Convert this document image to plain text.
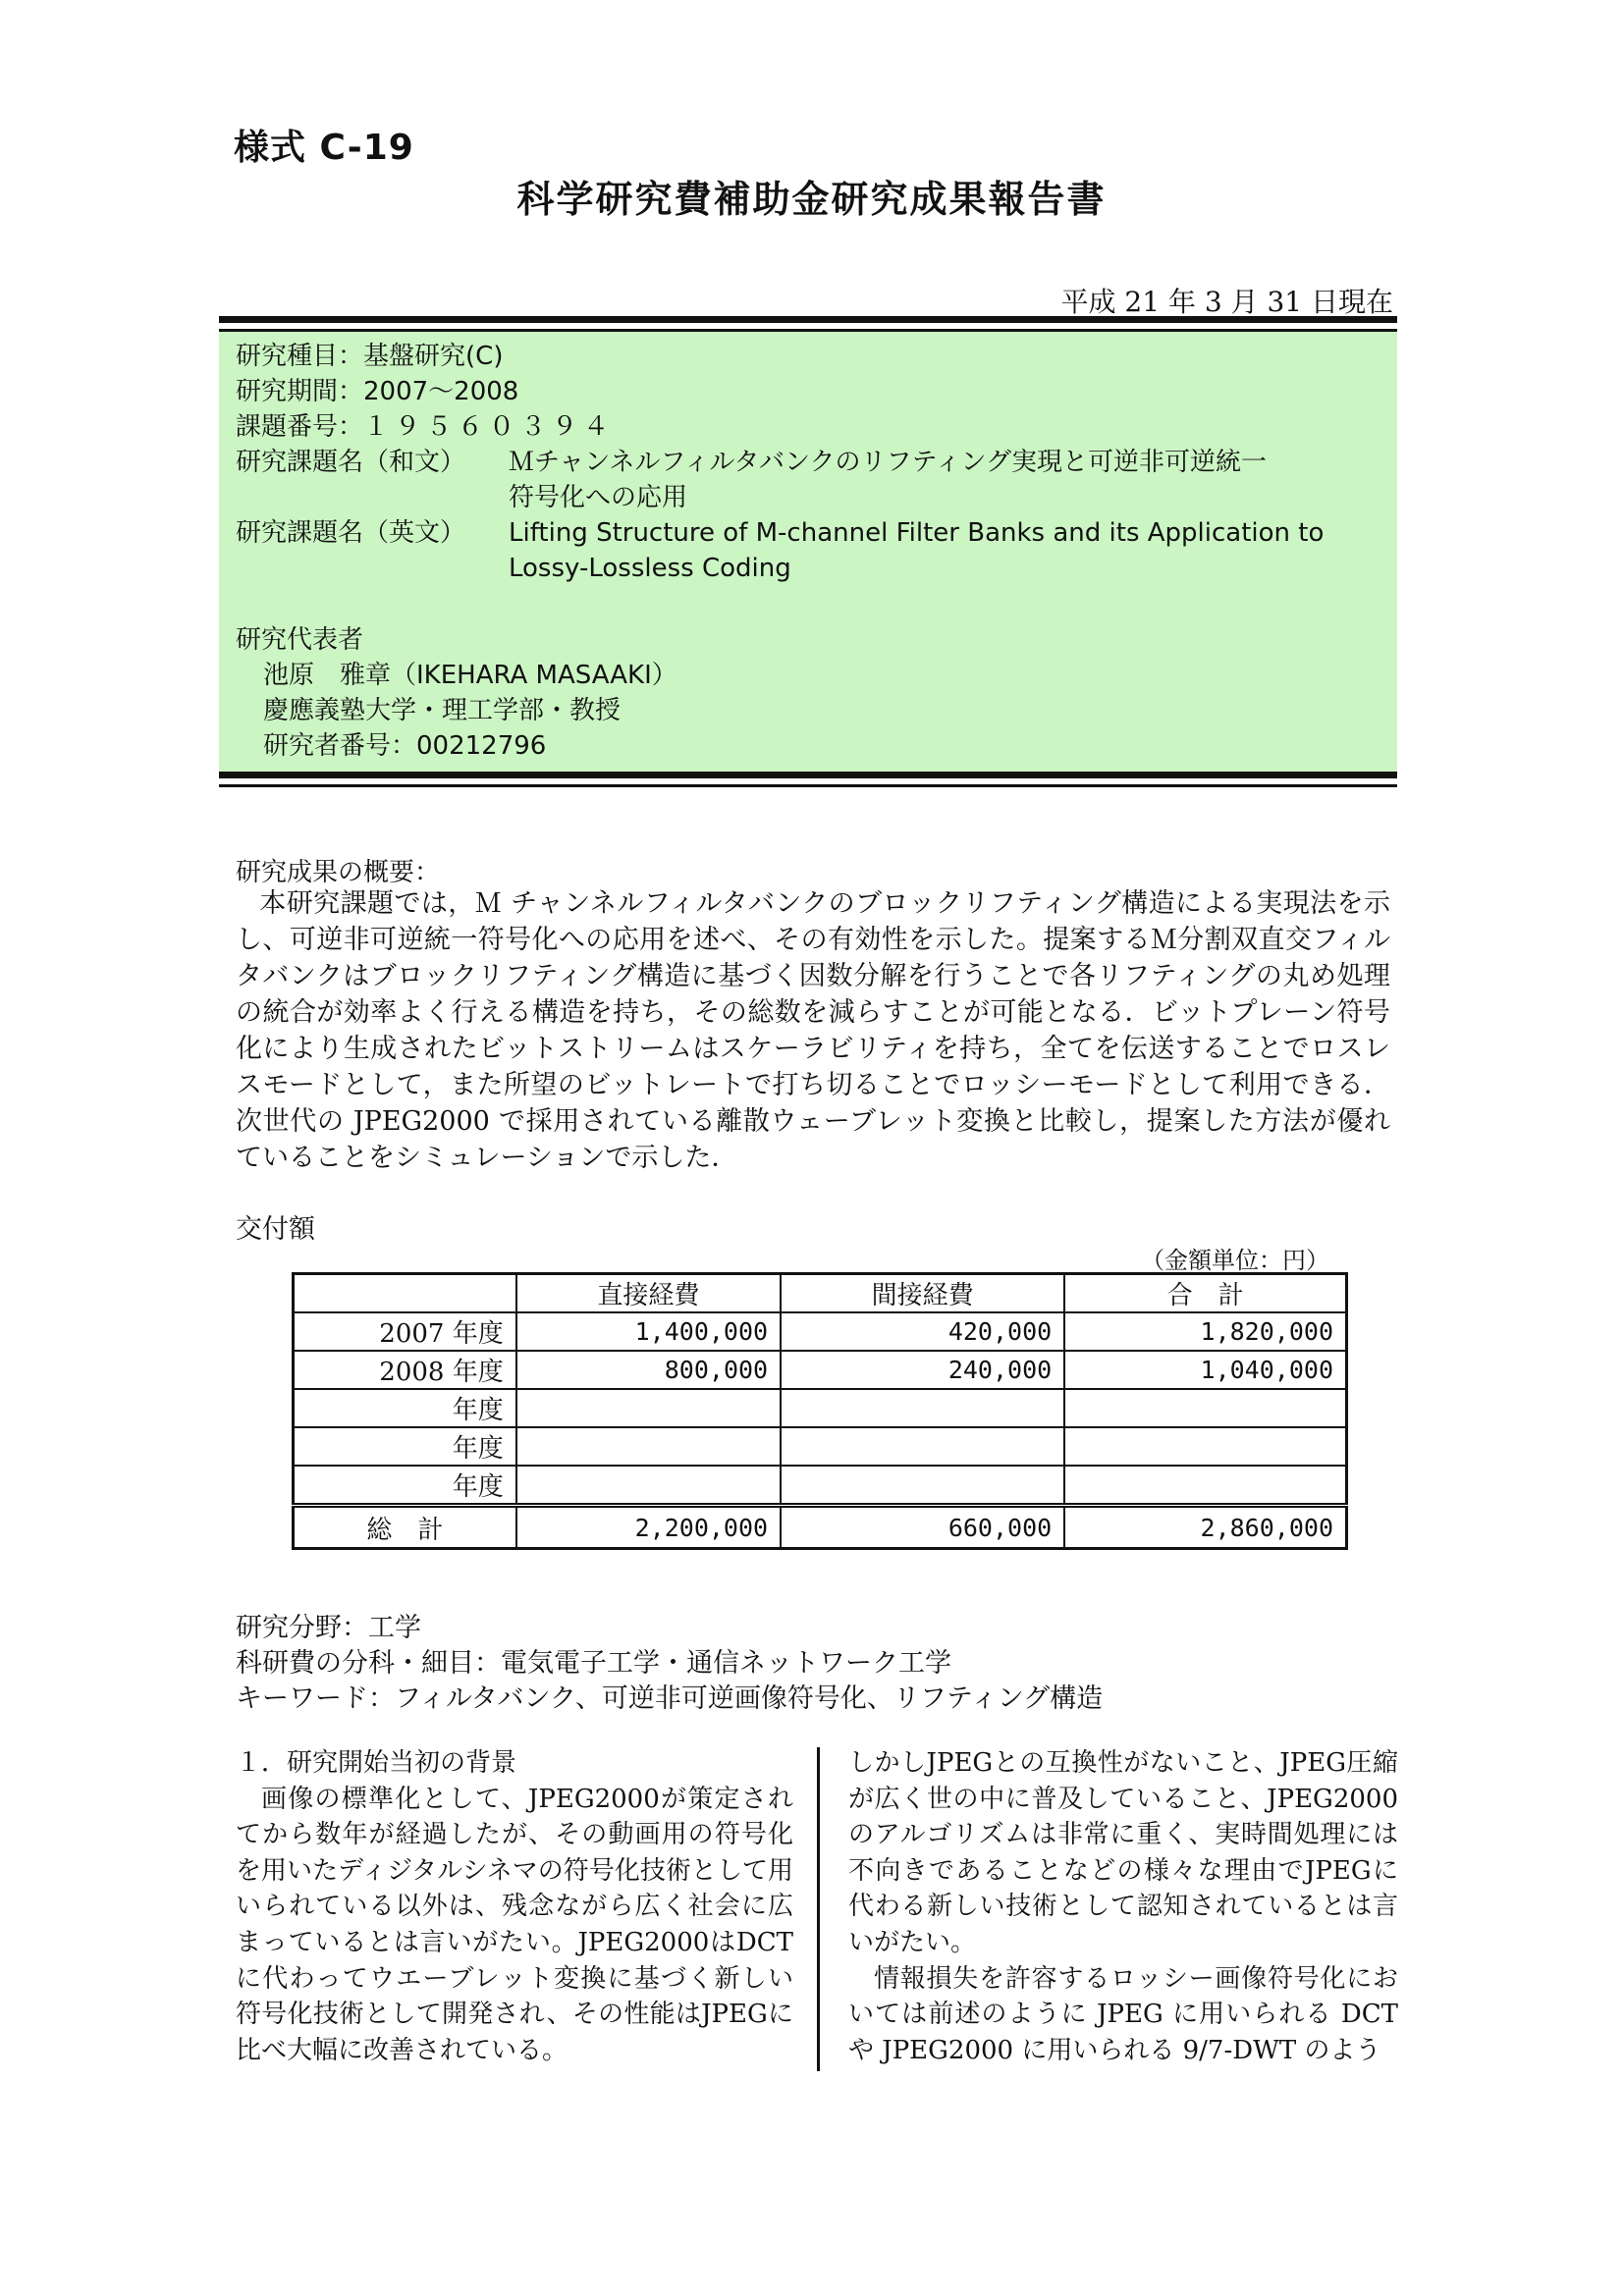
様式 C-19
科学研究費補助金研究成果報告書
平成 21 年 3 月 31 日現在
研究種目：基盤研究(C)
研究期間：2007～2008
課題番号：１９５６０３９４
研究課題名（和文） Ｍチャンネルフィルタバンクのリフティング実現と可逆非可逆統一
符号化への応用
研究課題名（英文） Lifting Structure of M-channel Filter Banks and its Application to
Lossy-Lossless Coding
研究代表者
池原　雅章（IKEHARA MASAAKI）
慶應義塾大学・理工学部・教授
研究者番号：00212796
研究成果の概要：
本研究課題では，Ｍ チャンネルフィルタバンクのブロックリフティング構造による実現法を示し、可逆非可逆統一符号化への応用を述べ、その有効性を示した。提案するＭ分割双直交フィルタバンクはブロックリフティング構造に基づく因数分解を行うことで各リフティングの丸め処理の統合が効率よく行える構造を持ち，その総数を減らすことが可能となる．ビットプレーン符号化により生成されたビットストリームはスケーラビリティを持ち，全てを伝送することでロスレスモードとして，また所望のビットレートで打ち切ることでロッシーモードとして利用できる．次世代の JPEG2000 で採用されている離散ウェーブレット変換と比較し，提案した方法が優れていることをシミュレーションで示した．
交付額
（金額単位：円）
	直接経費	間接経費	合　計
2007 年度	1,400,000	420,000	1,820,000
2008 年度	800,000	240,000	1,040,000
年度			
年度			
年度			
総　計	2,200,000	660,000	2,860,000
研究分野：工学
科研費の分科・細目：電気電子工学・通信ネットワーク工学
キーワード：フィルタバンク、可逆非可逆画像符号化、リフティング構造

１．研究開始当初の背景

画像の標準化として、JPEG2000が策定されてから数年が経過したが、その動画用の符号化を用いたディジタルシネマの符号化技術として用いられている以外は、残念ながら広く社会に広まっているとは言いがたい。JPEG2000はDCTに代わってウエーブレット変換に基づく新しい符号化技術として開発され、その性能はJPEGに比べ大幅に改善されている。

しかしJPEGとの互換性がないこと、JPEG圧縮が広く世の中に普及していること、JPEG2000のアルゴリズムは非常に重く、実時間処理には不向きであることなどの様々な理由でJPEGに代わる新しい技術として認知されているとは言いがたい。

情報損失を許容するロッシー画像符号化においては前述のように JPEG に用いられる DCT や JPEG2000 に用いられる 9/7-DWT のよう
